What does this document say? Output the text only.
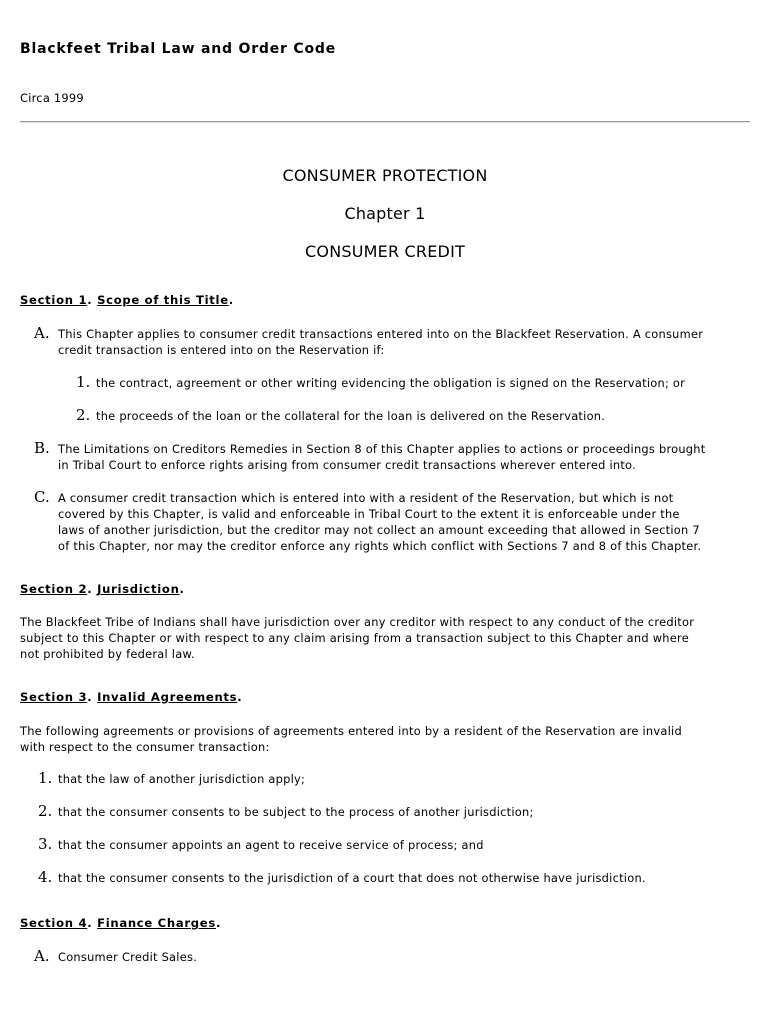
Blackfeet Tribal Law and Order Code
Circa 1999
CONSUMER PROTECTION
Chapter 1
CONSUMER CREDIT
Section 1. Scope of this Title.
A. This Chapter applies to consumer credit transactions entered into on the Blackfeet Reservation. A consumer
credit transaction is entered into on the Reservation if:
1. the contract, agreement or other writing evidencing the obligation is signed on the Reservation; or
2. the proceeds of the loan or the collateral for the loan is delivered on the Reservation.
B. The Limitations on Creditors Remedies in Section 8 of this Chapter applies to actions or proceedings brought
in Tribal Court to enforce rights arising from consumer credit transactions wherever entered into.
C. A consumer credit transaction which is entered into with a resident of the Reservation, but which is not
covered by this Chapter, is valid and enforceable in Tribal Court to the extent it is enforceable under the
laws of another jurisdiction, but the creditor may not collect an amount exceeding that allowed in Section 7
of this Chapter, nor may the creditor enforce any rights which conflict with Sections 7 and 8 of this Chapter.
Section 2. Jurisdiction.
The Blackfeet Tribe of Indians shall have jurisdiction over any creditor with respect to any conduct of the creditor
subject to this Chapter or with respect to any claim arising from a transaction subject to this Chapter and where
not prohibited by federal law.
Section 3. Invalid Agreements.
The following agreements or provisions of agreements entered into by a resident of the Reservation are invalid
with respect to the consumer transaction:
1. that the law of another jurisdiction apply;
2. that the consumer consents to be subject to the process of another jurisdiction;
3. that the consumer appoints an agent to receive service of process; and
4. that the consumer consents to the jurisdiction of a court that does not otherwise have jurisdiction.
Section 4. Finance Charges.
A. Consumer Credit Sales.
